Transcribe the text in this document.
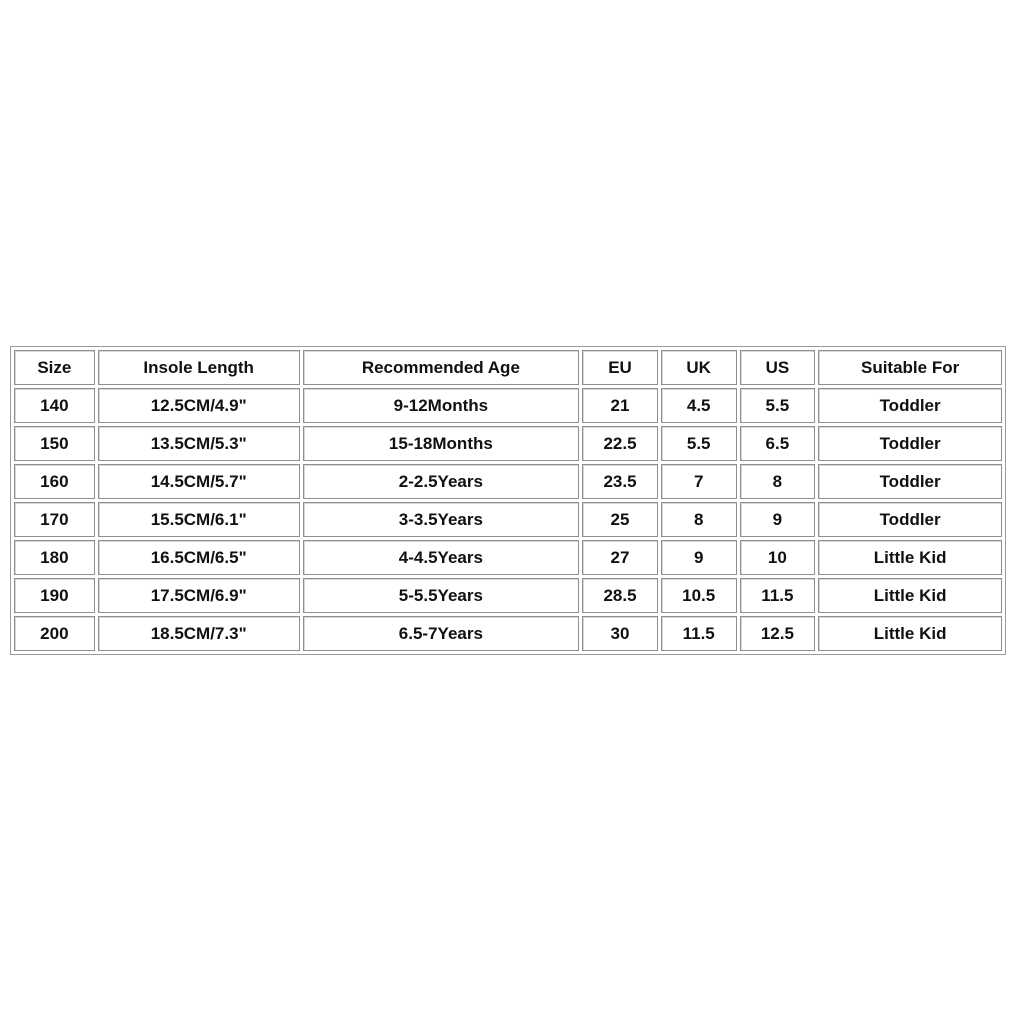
Size	Insole Length	Recommended Age	EU	UK	US	Suitable For
140	12.5CM/4.9"	9-12Months	21	4.5	5.5	Toddler
150	13.5CM/5.3"	15-18Months	22.5	5.5	6.5	Toddler
160	14.5CM/5.7"	2-2.5Years	23.5	7	8	Toddler
170	15.5CM/6.1"	3-3.5Years	25	8	9	Toddler
180	16.5CM/6.5"	4-4.5Years	27	9	10	Little Kid
190	17.5CM/6.9"	5-5.5Years	28.5	10.5	11.5	Little Kid
200	18.5CM/7.3"	6.5-7Years	30	11.5	12.5	Little Kid
